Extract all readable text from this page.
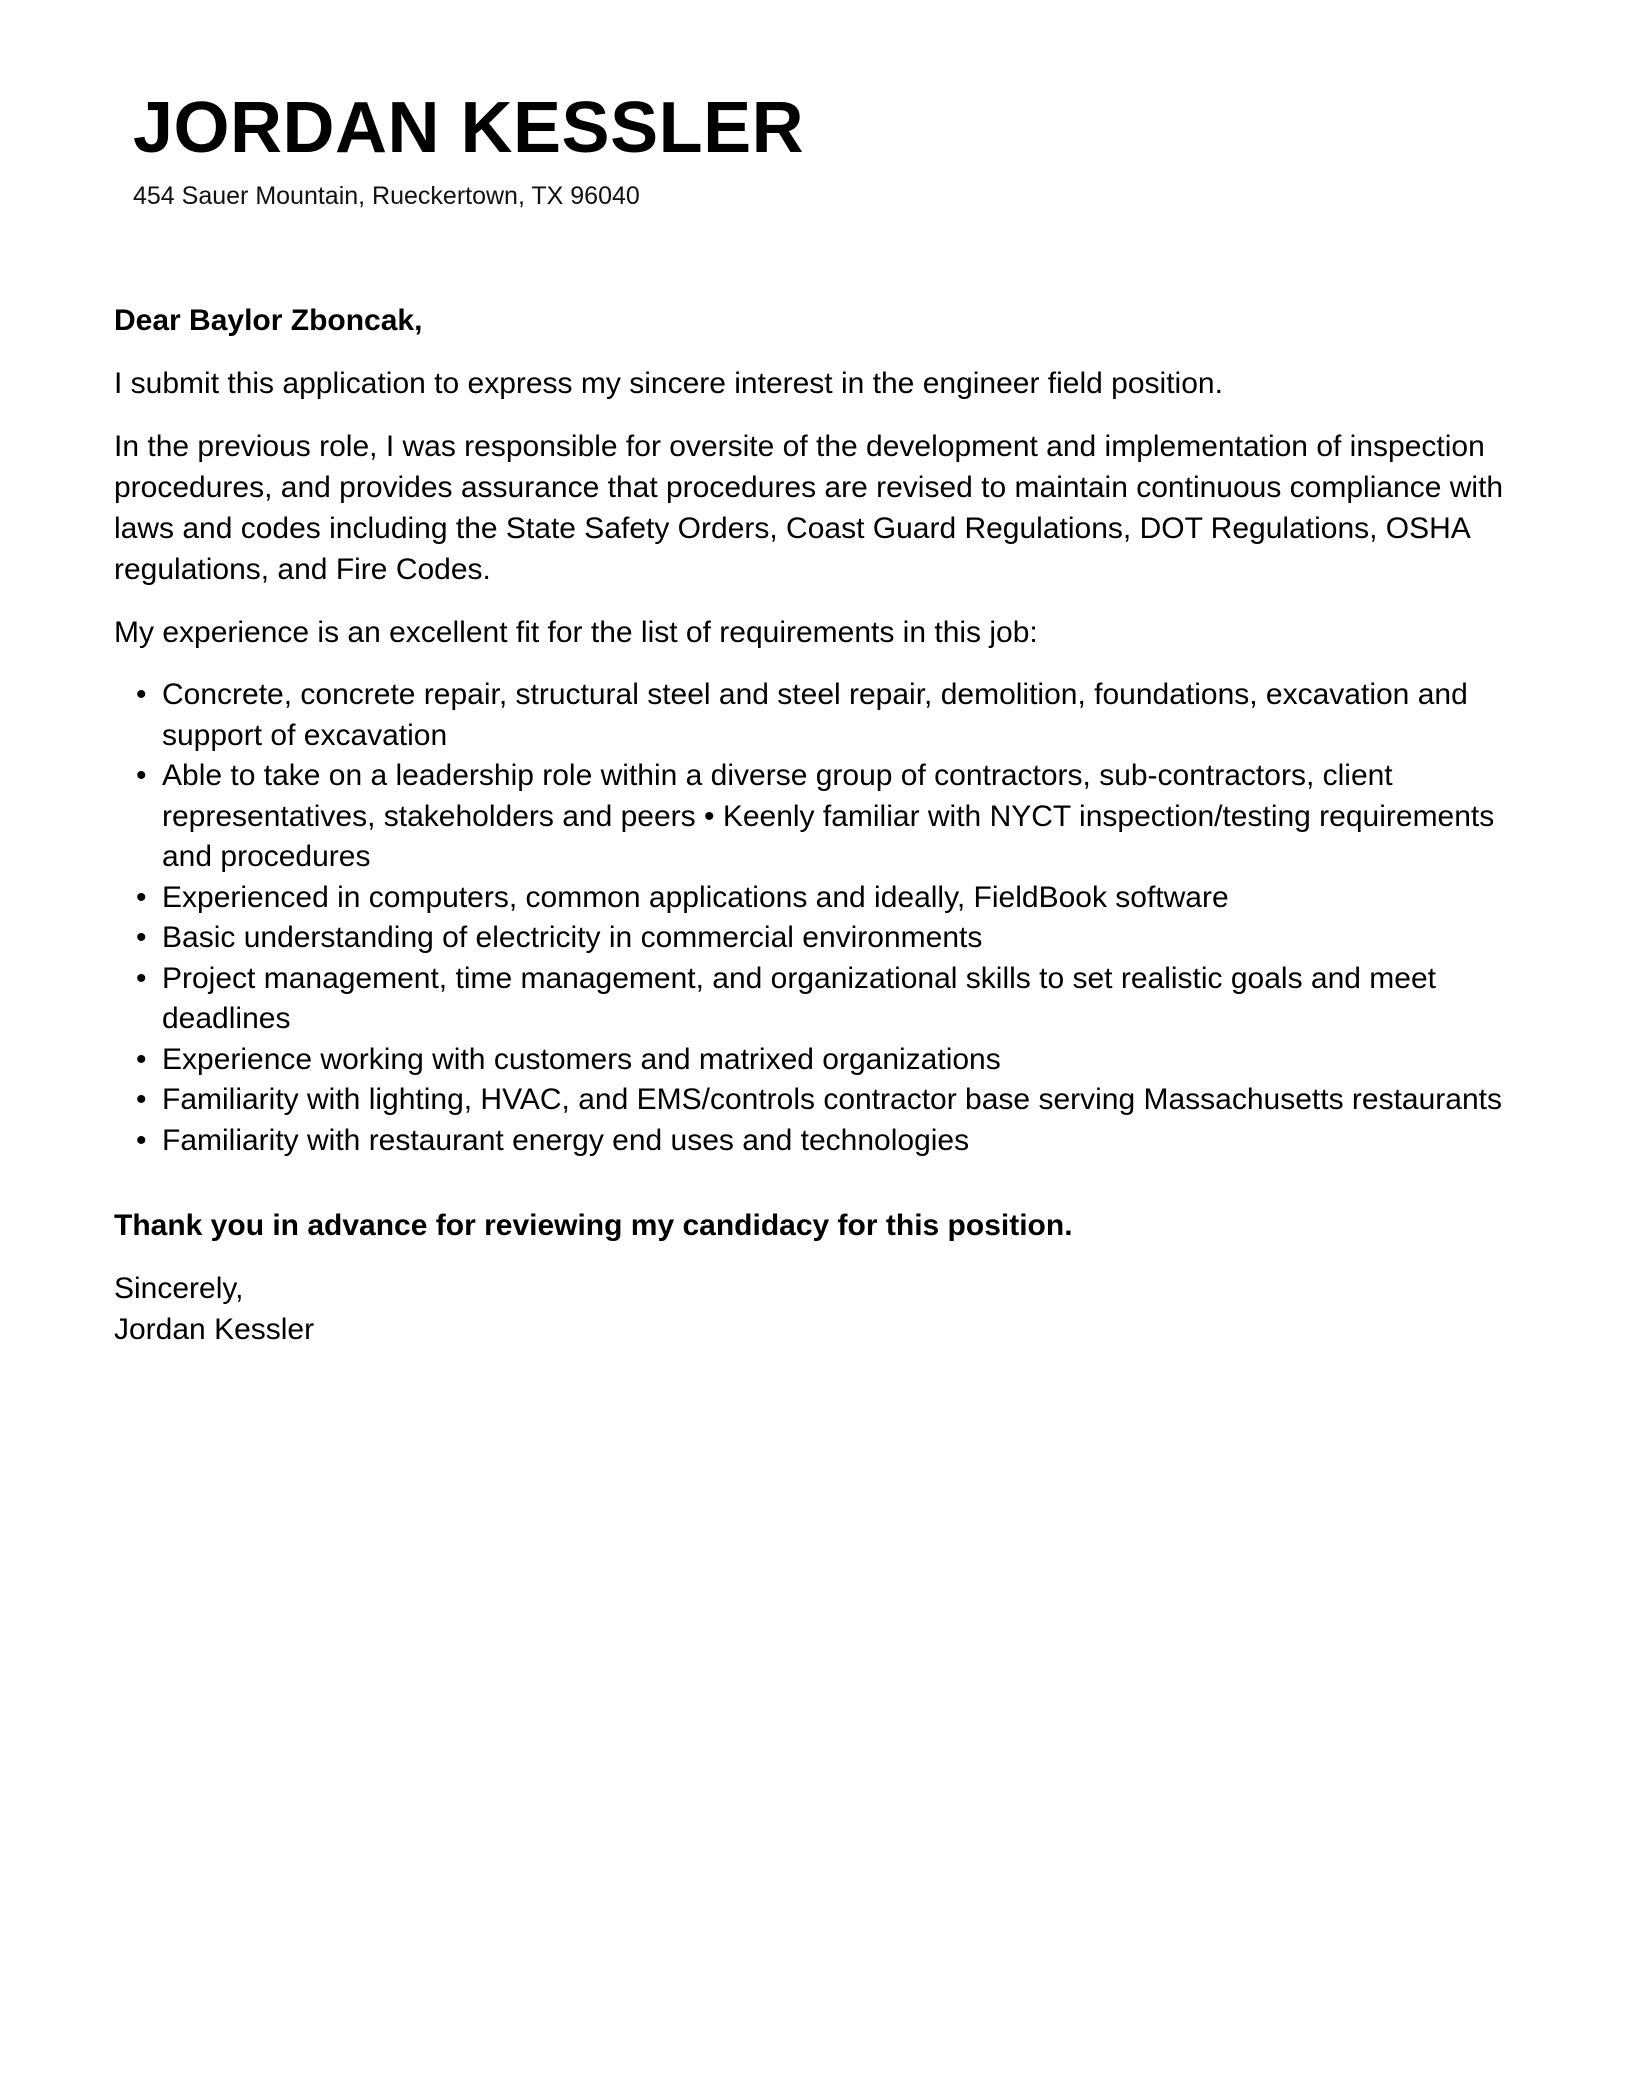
JORDAN KESSLER
454 Sauer Mountain, Rueckertown, TX 96040

Dear Baylor Zboncak,

I submit this application to express my sincere interest in the engineer field position.

In the previous role, I was responsible for oversite of the development and implementation of inspection procedures, and provides assurance that procedures are revised to maintain continuous compliance with laws and codes including the State Safety Orders, Coast Guard Regulations, DOT Regulations, OSHA regulations, and Fire Codes.

My experience is an excellent fit for the list of requirements in this job:

• Concrete, concrete repair, structural steel and steel repair, demolition, foundations, excavation and support of excavation
• Able to take on a leadership role within a diverse group of contractors, sub-contractors, client representatives, stakeholders and peers • Keenly familiar with NYCT inspection/testing requirements and procedures
• Experienced in computers, common applications and ideally, FieldBook software
• Basic understanding of electricity in commercial environments
• Project management, time management, and organizational skills to set realistic goals and meet deadlines
• Experience working with customers and matrixed organizations
• Familiarity with lighting, HVAC, and EMS/controls contractor base serving Massachusetts restaurants
• Familiarity with restaurant energy end uses and technologies

Thank you in advance for reviewing my candidacy for this position.

Sincerely,

Jordan Kessler
